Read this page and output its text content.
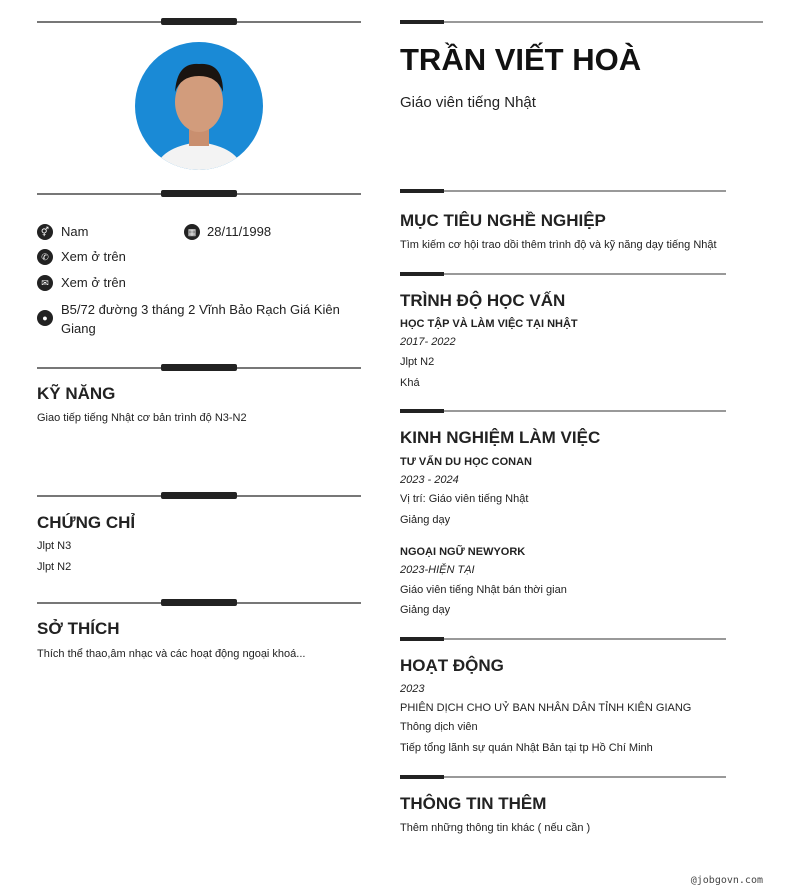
⚥ Nam	▦ 28/11/1998
✆ Xem ở trên
✉ Xem ở trên
●
B5/72 đường 3 tháng 2 Vĩnh Bảo Rạch Giá Kiên Giang
KỸ NĂNG
Giao tiếp tiếng Nhật cơ bản trình độ N3-N2
CHỨNG CHỈ
Jlpt N3
Jlpt N2
SỞ THÍCH
Thích thể thao,âm nhạc và các hoạt động ngoại khoá...
TRẦN VIẾT HOÀ
Giáo viên tiếng Nhật
MỤC TIÊU NGHỀ NGHIỆP
Tìm kiếm cơ hội trao dồi thêm trình độ và kỹ năng dạy tiếng Nhật
TRÌNH ĐỘ HỌC VẤN
HỌC TẬP VÀ LÀM VIỆC TẠI NHẬT
2017- 2022
Jlpt N2
Khá
KINH NGHIỆM LÀM VIỆC
TƯ VẤN DU HỌC CONAN
2023 - 2024
Vị trí: Giáo viên tiếng Nhật
Giảng dạy
NGOẠI NGỮ NEWYORK
2023-HIỆN TẠI
Giáo viên tiếng Nhật bán thời gian
Giảng dạy
HOẠT ĐỘNG
2023
PHIÊN DỊCH CHO UỶ BAN NHÂN DÂN TỈNH KIÊN GIANG
Thông dịch viên
Tiếp tổng lãnh sự quán Nhật Bản tại tp Hồ Chí Minh
THÔNG TIN THÊM
Thêm những thông tin khác ( nếu cần )
@jobgovn.com
